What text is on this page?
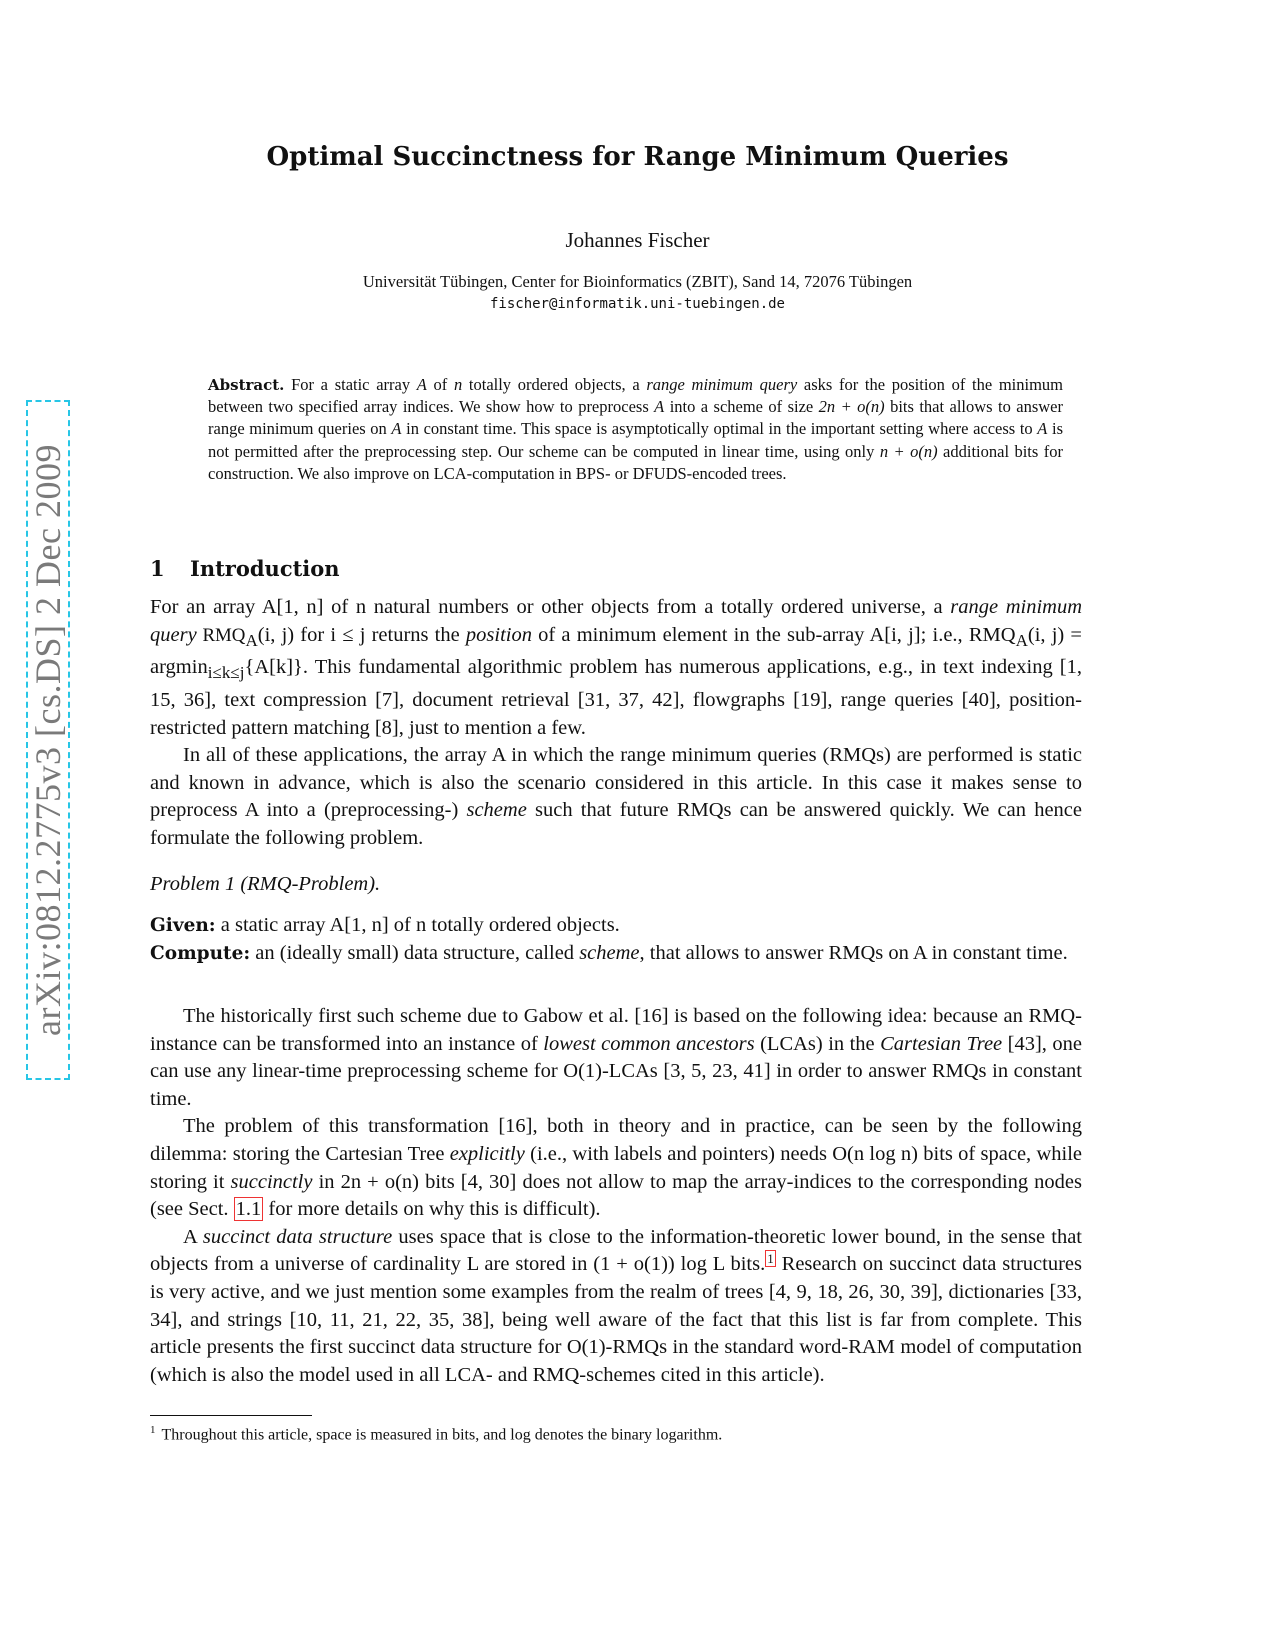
arXiv:0812.2775v3 [cs.DS] 2 Dec 2009
Optimal Succinctness for Range Minimum Queries
Johannes Fischer
Universität Tübingen, Center for Bioinformatics (ZBIT), Sand 14, 72076 Tübingen
fischer@informatik.uni-tuebingen.de
Abstract. For a static array A of n totally ordered objects, a range minimum query asks for the position of the minimum between two specified array indices. We show how to preprocess A into a scheme of size 2n + o(n) bits that allows to answer range minimum queries on A in constant time. This space is asymptotically optimal in the important setting where access to A is not permitted after the preprocessing step. Our scheme can be computed in linear time, using only n + o(n) additional bits for construction. We also improve on LCA-computation in BPS- or DFUDS-encoded trees.
1 Introduction

For an array A[1, n] of n natural numbers or other objects from a totally ordered universe, a range minimum query $RMQ_A(i$, j) for i ≤ j returns the position of a minimum element in the sub-array A[i, j]; i.e., $RMQ_A(i$, j) = argmin$_{i\le k\le j}${A[k]}. This fundamental algorithmic problem has numerous applications, e.g., in text indexing [1, 15, 36], text compression [7], document retrieval [31, 37, 42], flowgraphs [19], range queries [40], position-restricted pattern matching [8], just to mention a few.

In all of these applications, the array A in which the range minimum queries (RMQs) are performed is static and known in advance, which is also the scenario considered in this article. In this case it makes sense to preprocess A into a (preprocessing-) scheme such that future RMQs can be answered quickly. We can hence formulate the following problem.

Problem 1 (RMQ-Problem).
Given: a static array A[1, n] of n totally ordered objects.
Compute: an (ideally small) data structure, called scheme, that allows to answer RMQs on A in constant time.

The historically first such scheme due to Gabow et al. [16] is based on the following idea: because an RMQ-instance can be transformed into an instance of lowest common ancestors (LCAs) in the Cartesian Tree [43], one can use any linear-time preprocessing scheme for O(1)-LCAs [3, 5, 23, 41] in order to answer RMQs in constant time.

The problem of this transformation [16], both in theory and in practice, can be seen by the following dilemma: storing the Cartesian Tree explicitly (i.e., with labels and pointers) needs O(n log n) bits of space, while storing it succinctly in 2n + o(n) bits [4, 30] does not allow to map the array-indices to the corresponding nodes (see Sect. 1.1 for more details on why this is difficult).

A succinct data structure uses space that is close to the information-theoretic lower bound, in the sense that objects from a universe of cardinality L are stored in (1 + o(1)) log L bits. $^1$ Research on succinct data structures is very active, and we just mention some examples from the realm of trees [4, 9, 18, 26, 30, 39], dictionaries [33, 34], and strings [10, 11, 21, 22, 35, 38], being well aware of the fact that this list is far from complete. This article presents the first succinct data structure for O(1)-RMQs in the standard word-RAM model of computation (which is also the model used in all LCA- and RMQ-schemes cited in this article).

$^1$ Throughout this article, space is measured in bits, and log denotes the binary logarithm.
